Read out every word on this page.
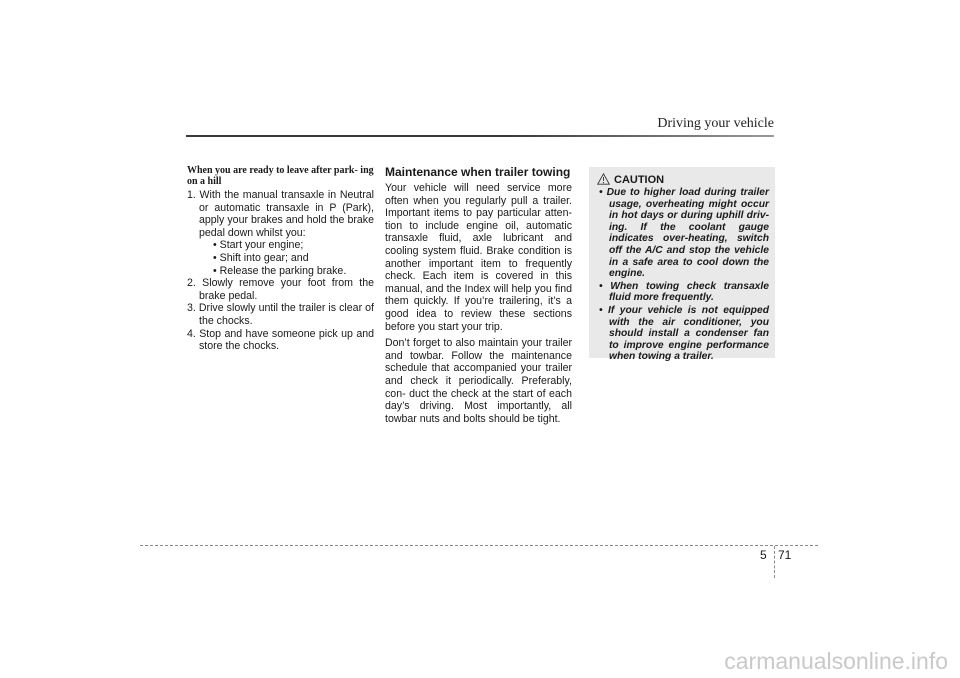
Driving your vehicle
When you are ready to leave after park- ing on a hill
1. With the manual transaxle in Neutral or automatic transaxle in P (Park), apply your brakes and hold the brake pedal down whilst you:
• Start your engine;
• Shift into gear; and
• Release the parking brake.
2. Slowly remove your foot from the brake pedal.
3. Drive slowly until the trailer is clear of the chocks.
4. Stop and have someone pick up and store the chocks.
Maintenance when trailer towing

Your vehicle will need service more often when you regularly pull a trailer. Important items to pay particular atten- tion to include engine oil, automatic transaxle fluid, axle lubricant and cooling system fluid. Brake condition is another important item to frequently check. Each item is covered in this manual, and the Index will help you find them quickly. If you’re trailering, it’s a good idea to review these sections before you start your trip.

Don’t forget to also maintain your trailer and towbar. Follow the maintenance schedule that accompanied your trailer and check it periodically. Preferably, con- duct the check at the start of each day’s driving. Most importantly, all towbar nuts and bolts should be tight.

CAUTION
• Due to higher load during trailer usage, overheating might occur in hot days or during uphill driv- ing. If the coolant gauge indicates over-heating, switch off the A/C and stop the vehicle in a safe area to cool down the engine.
• When towing check transaxle fluid more frequently.
• If your vehicle is not equipped with the air conditioner, you should install a condenser fan to improve engine performance when towing a trailer.
5 71
carmanualsonline.info
